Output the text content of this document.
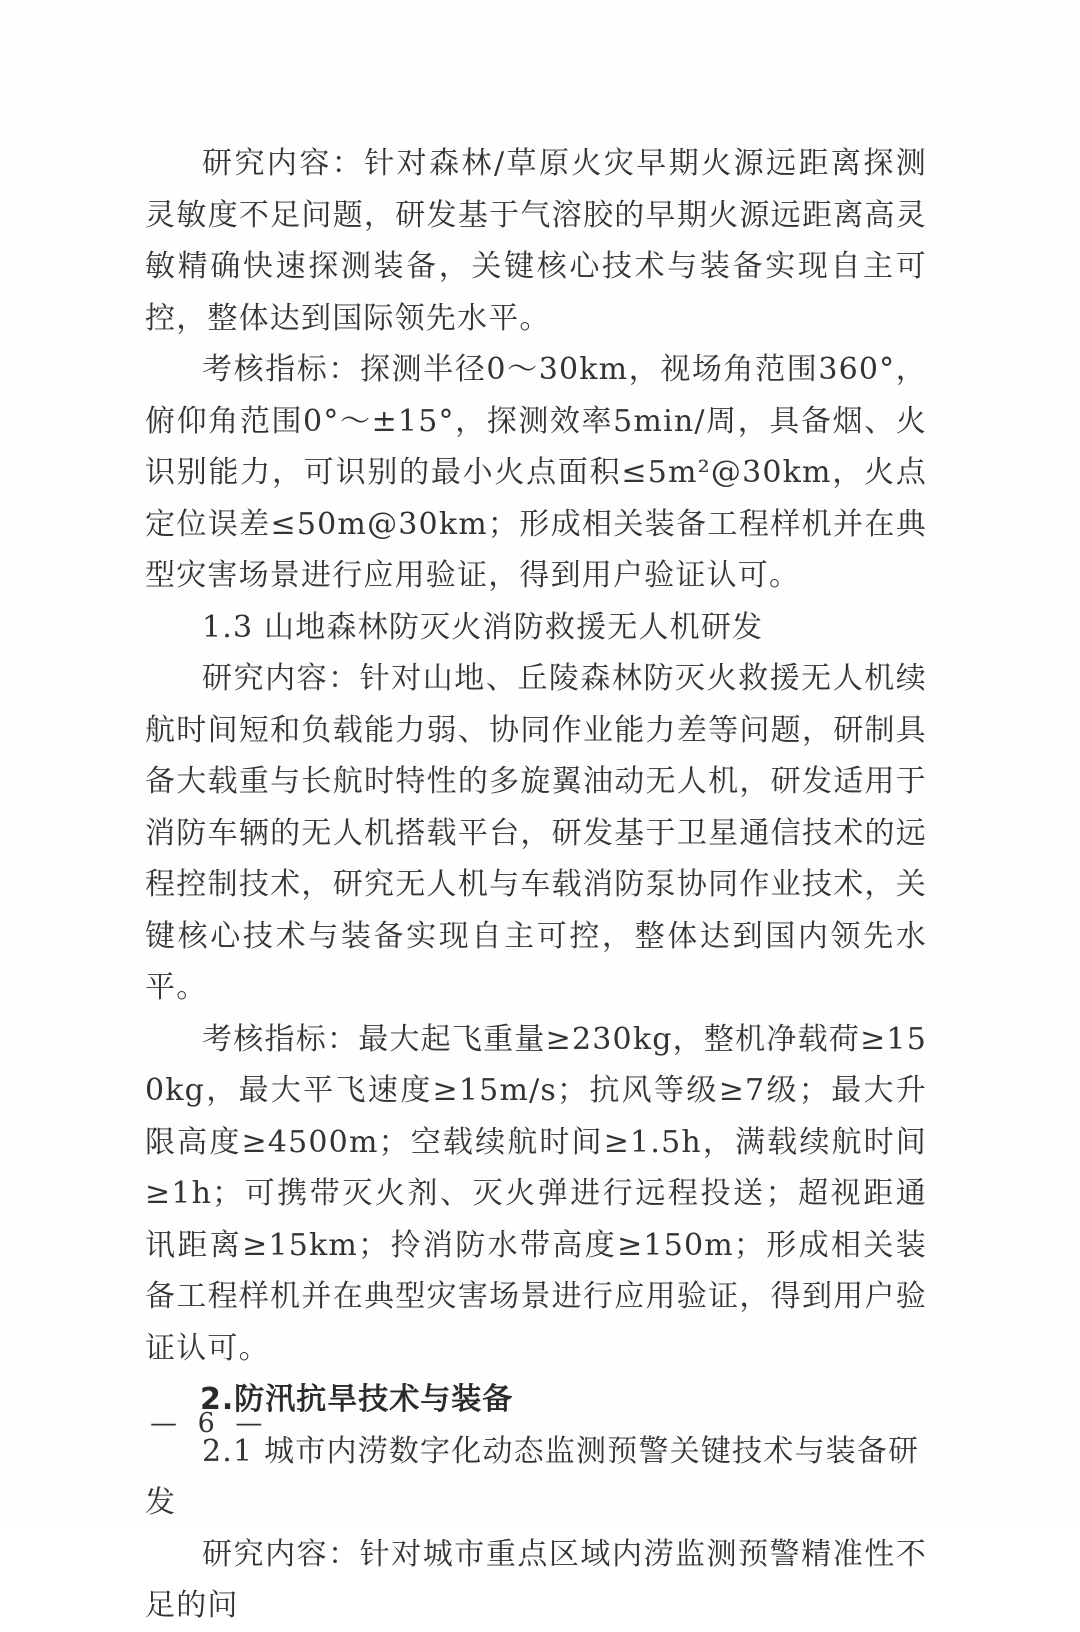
研究内容：针对森林/草原火灾早期火源远距离探测灵敏度不足问题，研发基于气溶胶的早期火源远距离高灵敏精确快速探测装备，关键核心技术与装备实现自主可控，整体达到国际领先水平。

考核指标：探测半径0～30km，视场角范围360°，俯仰角范围0°～±15°，探测效率5min/周，具备烟、火识别能力，可识别的最小火点面积≤5m²@30km，火点定位误差≤50m@30km；形成相关装备工程样机并在典型灾害场景进行应用验证，得到用户验证认可。

1.3 山地森林防灭火消防救援无人机研发

研究内容：针对山地、丘陵森林防灭火救援无人机续航时间短和负载能力弱、协同作业能力差等问题，研制具备大载重与长航时特性的多旋翼油动无人机，研发适用于消防车辆的无人机搭载平台，研发基于卫星通信技术的远程控制技术，研究无人机与车载消防泵协同作业技术，关键核心技术与装备实现自主可控，整体达到国内领先水平。

考核指标：最大起飞重量≥230kg，整机净载荷≥150kg，最大平飞速度≥15m/s；抗风等级≥7级；最大升限高度≥4500m；空载续航时间≥1.5h，满载续航时间≥1h；可携带灭火剂、灭火弹进行远程投送；超视距通讯距离≥15km；拎消防水带高度≥150m；形成相关装备工程样机并在典型灾害场景进行应用验证，得到用户验证认可。

2.防汛抗旱技术与装备

2.1 城市内涝数字化动态监测预警关键技术与装备研发

研究内容：针对城市重点区域内涝监测预警精准性不足的问

— 6 —
